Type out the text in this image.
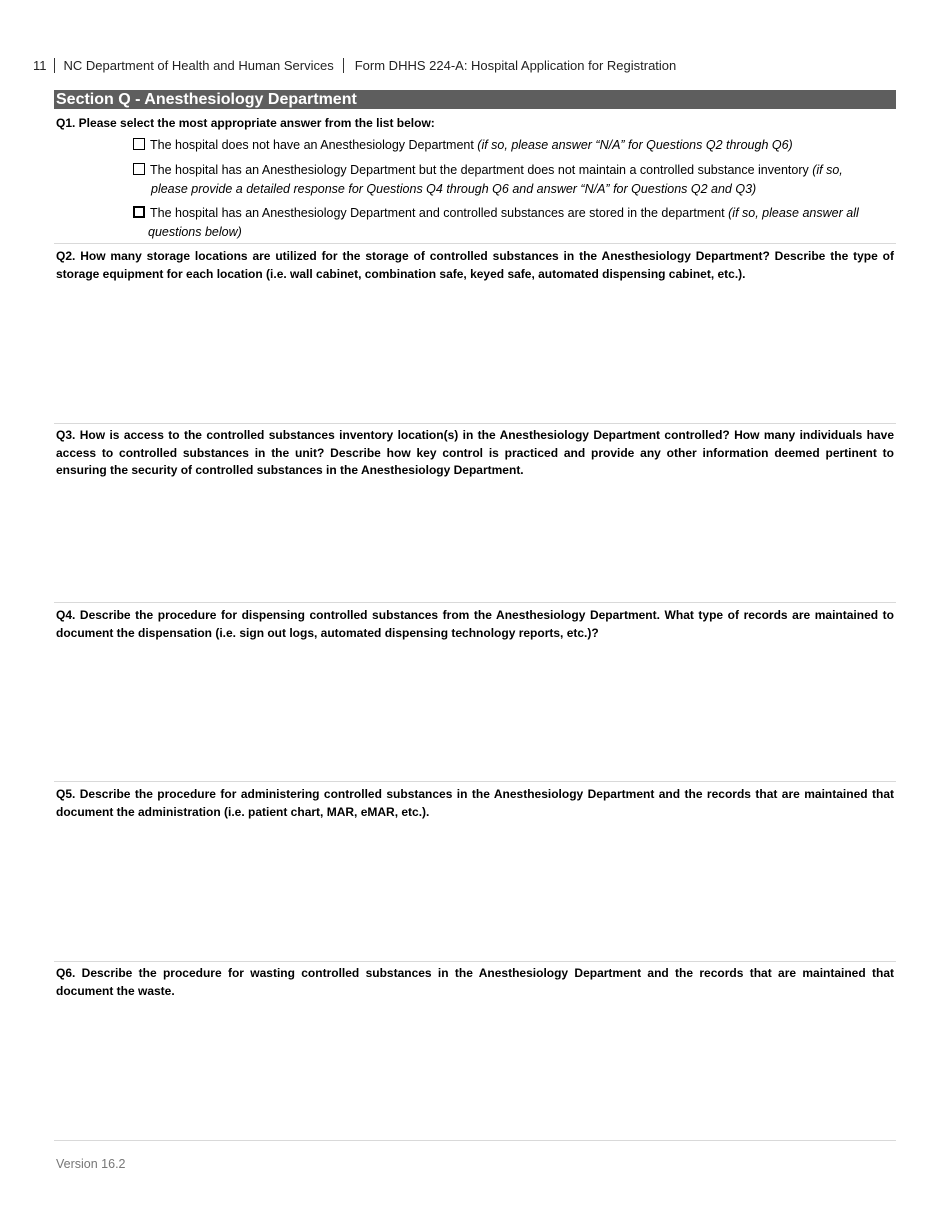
11	NC Department of Health and Human Services	Form DHHS 224-A: Hospital Application for Registration
Section Q - Anesthesiology Department
Q1. Please select the most appropriate answer from the list below:
The hospital does not have an Anesthesiology Department (if so, please answer “N/A” for Questions Q2 through Q6)
The hospital has an Anesthesiology Department but the department does not maintain a controlled substance inventory (if so,
please provide a detailed response for Questions Q4 through Q6 and answer “N/A” for Questions Q2 and Q3)
The hospital has an Anesthesiology Department and controlled substances are stored in the department (if so, please answer all
questions below)
Q2. How many storage locations are utilized for the storage of controlled substances in the Anesthesiology Department? Describe the type of storage equipment for each location (i.e. wall cabinet, combination safe, keyed safe, automated dispensing cabinet, etc.).
Q3. How is access to the controlled substances inventory location(s) in the Anesthesiology Department controlled? How many individuals have access to controlled substances in the unit? Describe how key control is practiced and provide any other information deemed pertinent to ensuring the security of controlled substances in the Anesthesiology Department.
Q4. Describe the procedure for dispensing controlled substances from the Anesthesiology Department. What type of records are maintained to document the dispensation (i.e. sign out logs, automated dispensing technology reports, etc.)?
Q5. Describe the procedure for administering controlled substances in the Anesthesiology Department and the records that are maintained that document the administration (i.e. patient chart, MAR, eMAR, etc.).
Q6. Describe the procedure for wasting controlled substances in the Anesthesiology Department and the records that are maintained that document the waste.
Version 16.2
